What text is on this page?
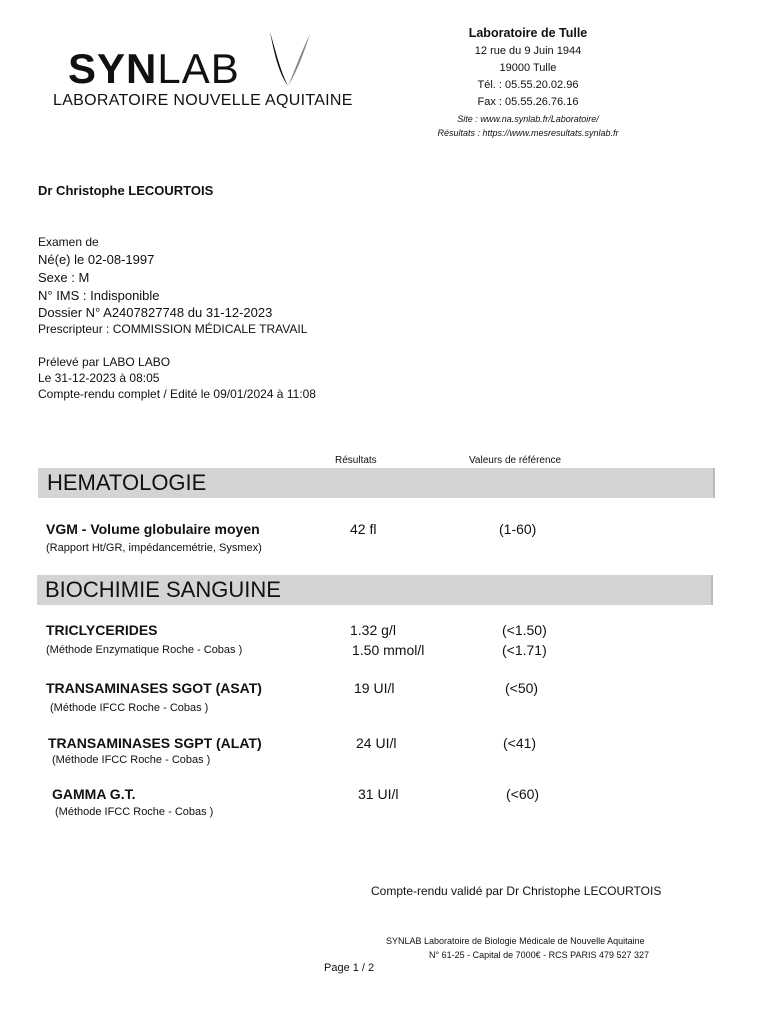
SYNLAB
LABORATOIRE NOUVELLE AQUITAINE
Laboratoire de Tulle
12 rue du 9 Juin 1944
19000 Tulle
Tél. : 05.55.20.02.96
Fax : 05.55.26.76.16
Site : www.na.synlab.fr/Laboratoire/
Résultats : https://www.mesresultats.synlab.fr
Dr Christophe LECOURTOIS
Examen de
Né(e) le 02-08-1997
Sexe : M
N° IMS : Indisponible
Dossier N° A2407827748 du 31-12-2023
Prescripteur : COMMISSION MÉDICALE TRAVAIL
Prélevé par LABO LABO
Le 31-12-2023 à 08:05
Compte-rendu complet / Edité le 09/01/2024 à 11:08
Résultats	Valeurs de référence
HEMATOLOGIE
VGM - Volume globulaire moyen
(Rapport Ht/GR, impédancemétrie, Sysmex)
42 fl	(1-60)
BIOCHIMIE SANGUINE
TRICLYCERIDES
(Méthode Enzymatique Roche - Cobas )
1.32 g/l	(<1.50)
1.50 mmol/l	(<1.71)
TRANSAMINASES SGOT (ASAT)
(Méthode IFCC Roche - Cobas )
19 UI/l	(<50)
TRANSAMINASES SGPT (ALAT)
(Méthode IFCC Roche - Cobas )
24 UI/l	(<41)
GAMMA G.T.
(Méthode IFCC Roche - Cobas )
31 UI/l	(<60)
Compte-rendu validé par Dr Christophe LECOURTOIS
SYNLAB Laboratoire de Biologie Médicale de Nouvelle Aquitaine
N° 61-25 - Capital de 7000€ - RCS PARIS 479 527 327
Page 1 / 2
